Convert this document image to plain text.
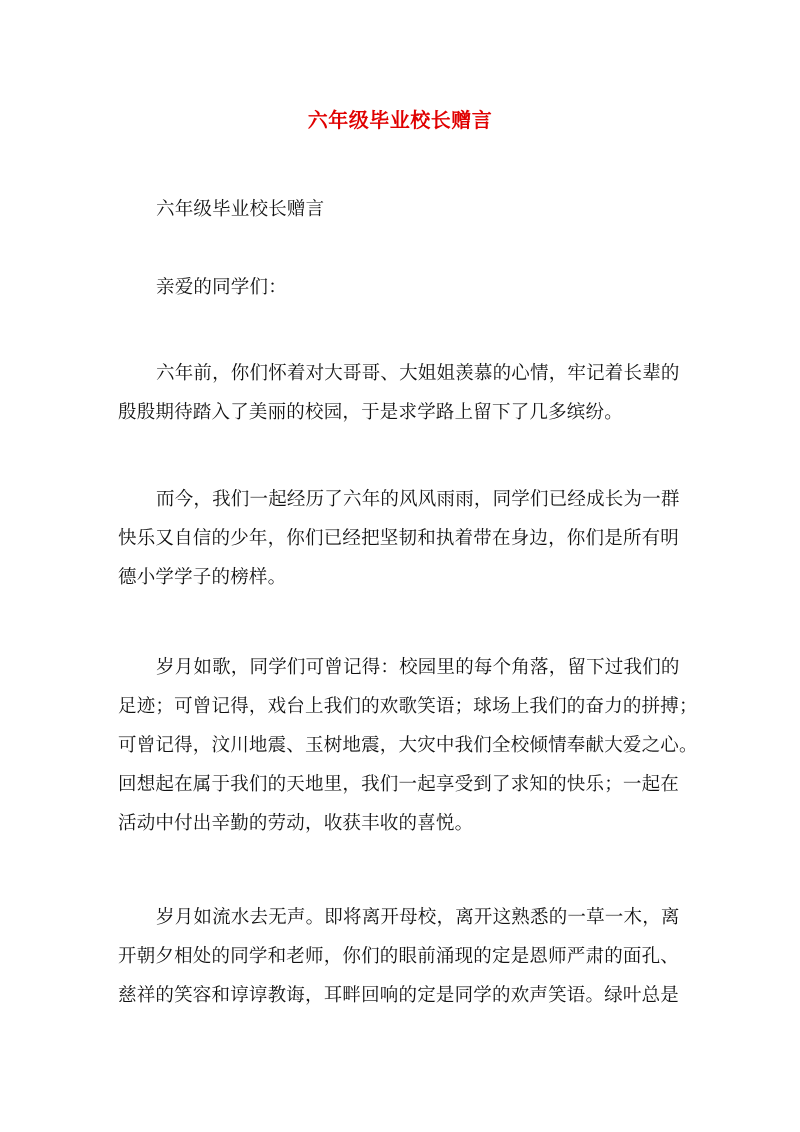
六年级毕业校长赠言
六年级毕业校长赠言
亲爱的同学们：
六年前，你们怀着对大哥哥、大姐姐羡慕的心情，牢记着长辈的
殷殷期待踏入了美丽的校园，于是求学路上留下了几多缤纷。
而今，我们一起经历了六年的风风雨雨，同学们已经成长为一群
快乐又自信的少年，你们已经把坚韧和执着带在身边，你们是所有明
德小学学子的榜样。
岁月如歌，同学们可曾记得：校园里的每个角落，留下过我们的
足迹；可曾记得，戏台上我们的欢歌笑语；球场上我们的奋力的拼搏；
可曾记得，汶川地震、玉树地震，大灾中我们全校倾情奉献大爱之心。
回想起在属于我们的天地里，我们一起享受到了求知的快乐；一起在
活动中付出辛勤的劳动，收获丰收的喜悦。
岁月如流水去无声。即将离开母校，离开这熟悉的一草一木，离
开朝夕相处的同学和老师，你们的眼前涌现的定是恩师严肃的面孔、
慈祥的笑容和谆谆教诲，耳畔回响的定是同学的欢声笑语。绿叶总是
